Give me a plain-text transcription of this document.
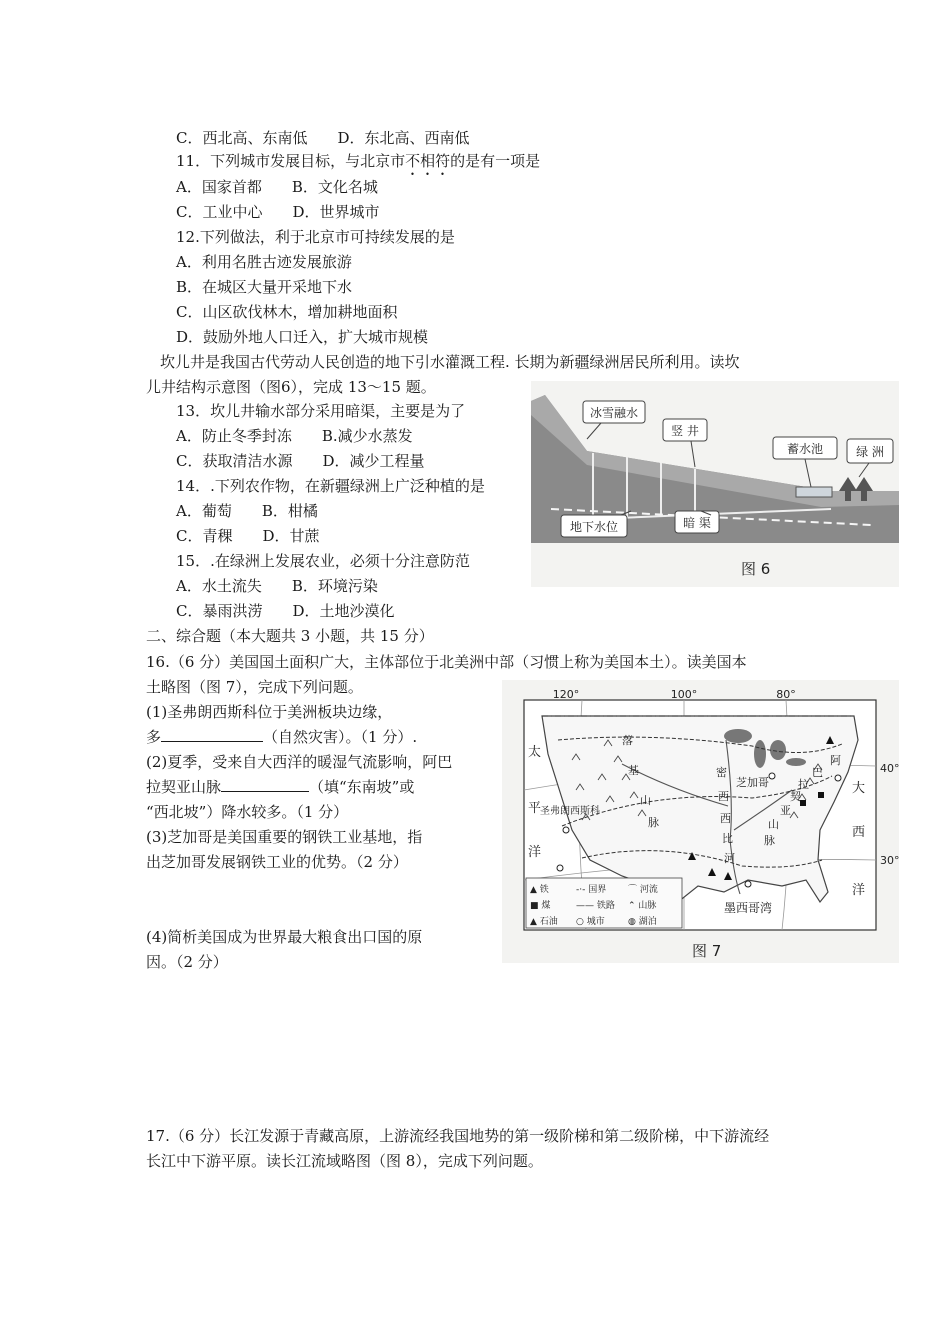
C．西北高、东南低 D．东北高、西南低
11．下列城市发展目标，与北京市不相符的是有一项是
A．国家首都 B．文化名城
C．工业中心 D．世界城市
12.下列做法，利于北京市可持续发展的是
A．利用名胜古迹发展旅游
B．在城区大量开采地下水
C．山区砍伐林木，增加耕地面积
D．鼓励外地人口迁入，扩大城市规模
坎儿井是我国古代劳动人民创造的地下引水灌溉工程. 长期为新疆绿洲居民所利用。读坎
儿井结构示意图（图6），完成 13～15 题。
13．坎儿井输水部分采用暗渠，主要是为了
A．防止冬季封冻 B.减少水蒸发
C．获取清洁水源 D．减少工程量
14．.下列农作物，在新疆绿洲上广泛种植的是
A．葡萄 B．柑橘
C．青稞 D．甘蔗
15．.在绿洲上发展农业，必须十分注意防范
A．水土流失 B．环境污染
C．暴雨洪涝 D．土地沙漠化
二、综合题（本大题共 3 小题，共 15 分）
16.（6 分）美国国土面积广大，主体部位于北美洲中部（习惯上称为美国本土）。读美国本
土略图（图 7），完成下列问题。
(1)圣弗朗西斯科位于美洲板块边缘，
多	（自然灾害）。（1 分）.
(2)夏季，受来自大西洋的暖湿气流影响，阿巴
拉契亚山脉	（填“东南坡”或
“西北坡”）降水较多。（1 分）
(3)芝加哥是美国重要的钢铁工业基地，指
出芝加哥发展钢铁工业的优势。（2 分）
(4)简析美国成为世界最大粮食出口国的原
因。（2 分）
17.（6 分）长江发源于青藏高原，上游流经我国地势的第一级阶梯和第二级阶梯，中下游流经
长江中下游平原。读长江流域略图（图 8），完成下列问题。
冰雪融水
竖 井
蓄水池	绿 洲
地下水位	暗 渠
图 6
120°	100°	80°
40°
30°
太
平
洋
大
西
洋
落
基
山
脉
圣弗朗西斯科
芝加哥
密
西
西
比
河
阿
巴
拉
契
亚
山
脉
墨西哥湾
▲ 铁	-·- 国界 ⌒ 河流
■ 煤	—— 铁路 ⌃ 山脉
▲ 石油 ○ 城市	◍ 湖泊
图 7
